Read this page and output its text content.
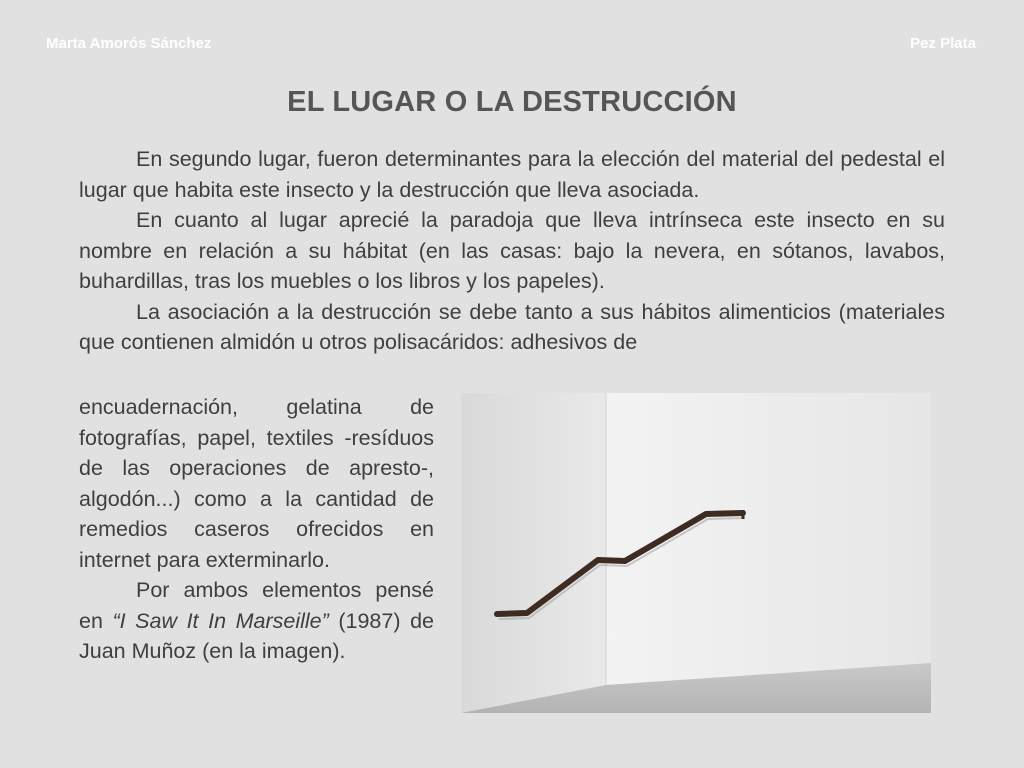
Marta Amorós Sánchez	Pez Plata
EL LUGAR O LA DESTRUCCIÓN

En segundo lugar, fueron determinantes para la elección del material del pedestal el lugar que habita este insecto y la destrucción que lleva asociada.

En cuanto al lugar aprecié la paradoja que lleva intrínseca este insecto en su nombre en relación a su hábitat (en las casas: bajo la nevera, en sótanos, lavabos, buhardillas, tras los muebles o los libros y los papeles).

La asociación a la destrucción se debe tanto a sus hábitos alimenticios (materiales que contienen almidón u otros polisacáridos: adhesivos de

encuadernación, gelatina de fotografías, papel, textiles -resíduos de las operaciones de apresto-, algodón...) como a la cantidad de remedios caseros ofrecidos en internet para exterminarlo.

Por ambos elementos pensé en “I Saw It In Marseille” (1987) de Juan Muñoz (en la imagen).
